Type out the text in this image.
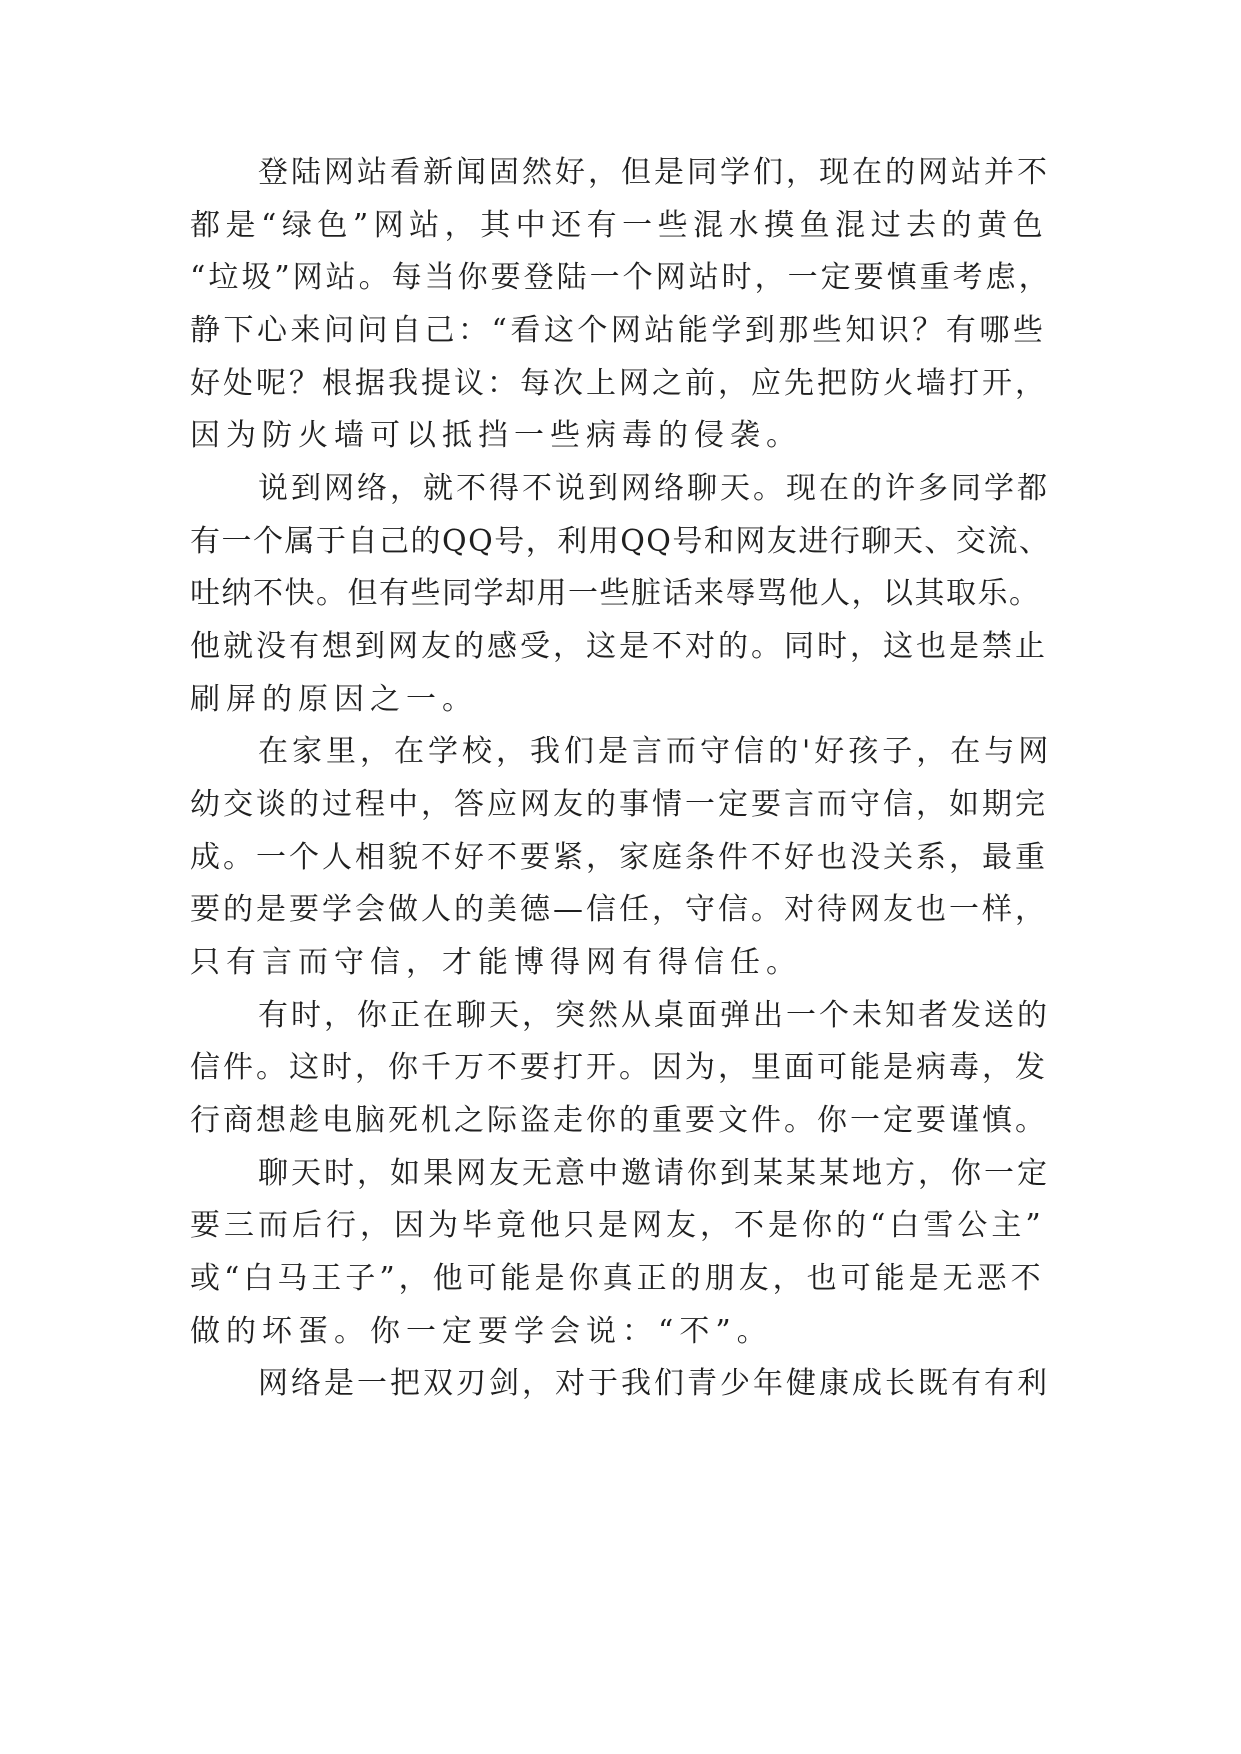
登陆网站看新闻固然好，但是同学们，现在的网站并不
都是“绿色”网站，其中还有一些混水摸鱼混过去的黄色
“垃圾”网站。每当你要登陆一个网站时，一定要慎重考虑，
静下心来问问自己：“看这个网站能学到那些知识？有哪些
好处呢？根据我提议：每次上网之前，应先把防火墙打开，
因为防火墙可以抵挡一些病毒的侵袭。
说到网络，就不得不说到网络聊天。现在的许多同学都
有一个属于自己的QQ号，利用QQ号和网友进行聊天、交流、
吐纳不快。但有些同学却用一些脏话来辱骂他人，以其取乐。
他就没有想到网友的感受，这是不对的。同时，这也是禁止
刷屏的原因之一。
在家里，在学校，我们是言而守信的'好孩子，在与网
幼交谈的过程中，答应网友的事情一定要言而守信，如期完
成。一个人相貌不好不要紧，家庭条件不好也没关系，最重
要的是要学会做人的美德—信任，守信。对待网友也一样，
只有言而守信，才能博得网有得信任。
有时，你正在聊天，突然从桌面弹出一个未知者发送的
信件。这时，你千万不要打开。因为，里面可能是病毒，发
行商想趁电脑死机之际盗走你的重要文件。你一定要谨慎。
聊天时，如果网友无意中邀请你到某某某地方，你一定
要三而后行，因为毕竟他只是网友，不是你的“白雪公主”
或“白马王子”，他可能是你真正的朋友，也可能是无恶不
做的坏蛋。你一定要学会说：“不”。
网络是一把双刃剑，对于我们青少年健康成长既有有利
